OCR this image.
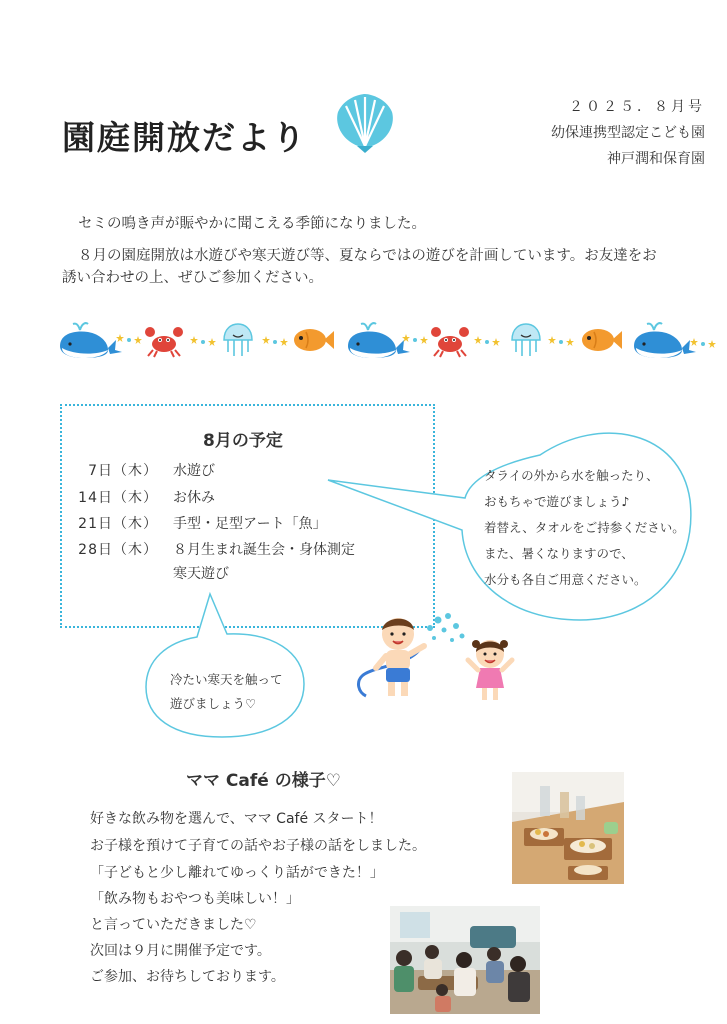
園庭開放だより
２０２５．８月号
幼保連携型認定こども園
神戸潤和保育園
セミの鳴き声が賑やかに聞こえる季節になりました。
８月の園庭開放は水遊びや寒天遊び等、夏ならではの遊びを計画しています。お友達をお
誘い合わせの上、ぜひご参加ください。
8月の予定
7日（木） 水遊び
14日（木） お休み
21日（木） 手型・足型アート「魚」
28日（木） ８月生まれ誕生会・身体測定
寒天遊び
タライの外から水を触ったり、
おもちゃで遊びましょう♪
着替え、タオルをご持参ください。
また、暑くなりますので、
水分も各自ご用意ください。
冷たい寒天を触って
遊びましょう♡
ママ Café の様子♡
好きな飲み物を選んで、ママ Café スタート！
お子様を預けて子育ての話やお子様の話をしました。
「子どもと少し離れてゆっくり話ができた！」
「飲み物もおやつも美味しい！」
と言っていただきました♡
次回は９月に開催予定です。
ご参加、お待ちしております。
